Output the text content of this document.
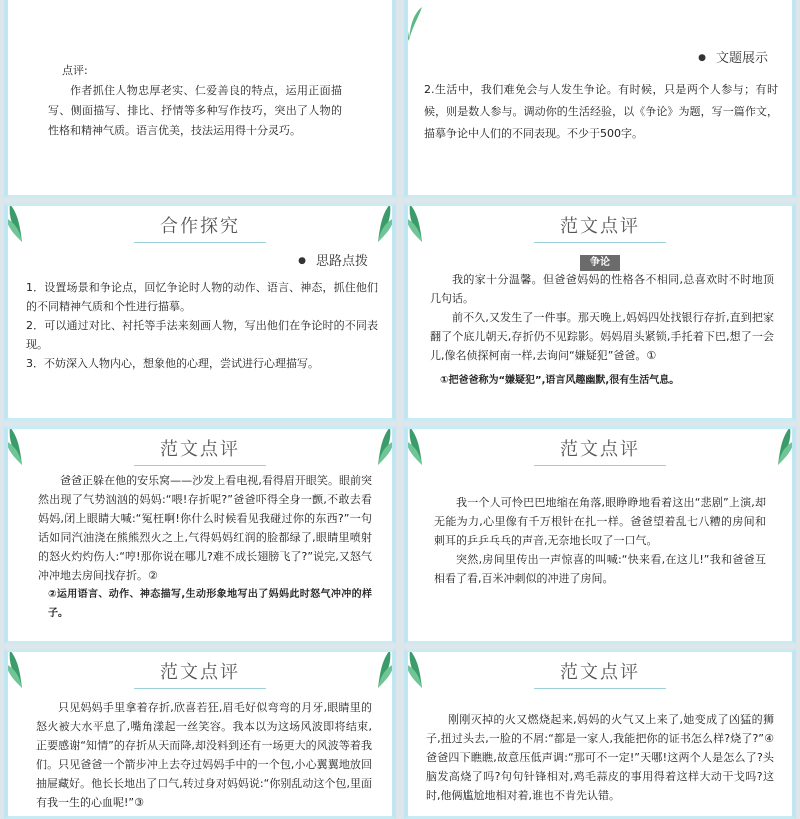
点评:

作者抓住人物忠厚老实、仁爱善良的特点，运用正面描写、侧面描写、排比、抒情等多种写作技巧，突出了人物的性格和精神气质。语言优美，技法运用得十分灵巧。

● 文题展示

2.生活中，我们难免会与人发生争论。有时候，只是两个人参与；有时候，则是数人参与。调动你的生活经验，以《争论》为题，写一篇作文，描摹争论中人们的不同表现。不少于500字。

合作探究
● 思路点拨

1．设置场景和争论点，回忆争论时人物的动作、语言、神态，抓住他们的不同精神气质和个性进行描摹。

2．可以通过对比、衬托等手法来刻画人物，写出他们在争论时的不同表现。

3．不妨深入人物内心，想象他的心理，尝试进行心理描写。

范文点评
争论

我的家十分温馨。但爸爸妈妈的性格各不相同,总喜欢时不时地顶几句话。

前不久,又发生了一件事。那天晚上,妈妈四处找银行存折,直到把家翻了个底儿朝天,存折仍不见踪影。妈妈眉头紧锁,手托着下巴,想了一会儿,像名侦探柯南一样,去询问“嫌疑犯”爸爸。①

①把爸爸称为“嫌疑犯”,语言风趣幽默,很有生活气息。

范文点评

爸爸正躲在他的安乐窝——沙发上看电视,看得眉开眼笑。眼前突然出现了气势汹汹的妈妈:“喂!存折呢?”爸爸吓得全身一颤,不敢去看妈妈,闭上眼睛大喊:“冤枉啊!你什么时候看见我碰过你的东西?”一句话如同汽油浇在熊熊烈火之上,气得妈妈红润的脸都绿了,眼睛里喷射的怒火灼灼伤人:“哼!那你说在哪儿?难不成长翅膀飞了?”说完,又怒气冲冲地去房间找存折。②

②运用语言、动作、神态描写,生动形象地写出了妈妈此时怒气冲冲的样子。

范文点评

我一个人可怜巴巴地缩在角落,眼睁睁地看着这出“悲剧”上演,却无能为力,心里像有千万根针在扎一样。爸爸望着乱七八糟的房间和刺耳的乒乒乓乓的声音,无奈地长叹了一口气。

突然,房间里传出一声惊喜的叫喊:“快来看,在这儿!”我和爸爸互相看了看,百米冲刺似的冲进了房间。

范文点评

只见妈妈手里拿着存折,欣喜若狂,眉毛好似弯弯的月牙,眼睛里的怒火被大水平息了,嘴角漾起一丝笑容。我本以为这场风波即将结束,正要感谢“知情”的存折从天而降,却没料到还有一场更大的风波等着我们。只见爸爸一个箭步冲上去夺过妈妈手中的一个包,小心翼翼地放回抽屉藏好。他长长地出了口气,转过身对妈妈说:“你别乱动这个包,里面有我一生的心血呢!”③

范文点评

刚刚灭掉的火又燃烧起来,妈妈的火气又上来了,她变成了凶猛的狮子,扭过头去,一脸的不屑:“都是一家人,我能把你的证书怎么样?烧了?”④爸爸四下瞧瞧,故意压低声调:“那可不一定!”天哪!这两个人是怎么了?头脑发高烧了吗?句句针锋相对,鸡毛蒜皮的事用得着这样大动干戈吗?这时,他俩尴尬地相对着,谁也不肯先认错。
